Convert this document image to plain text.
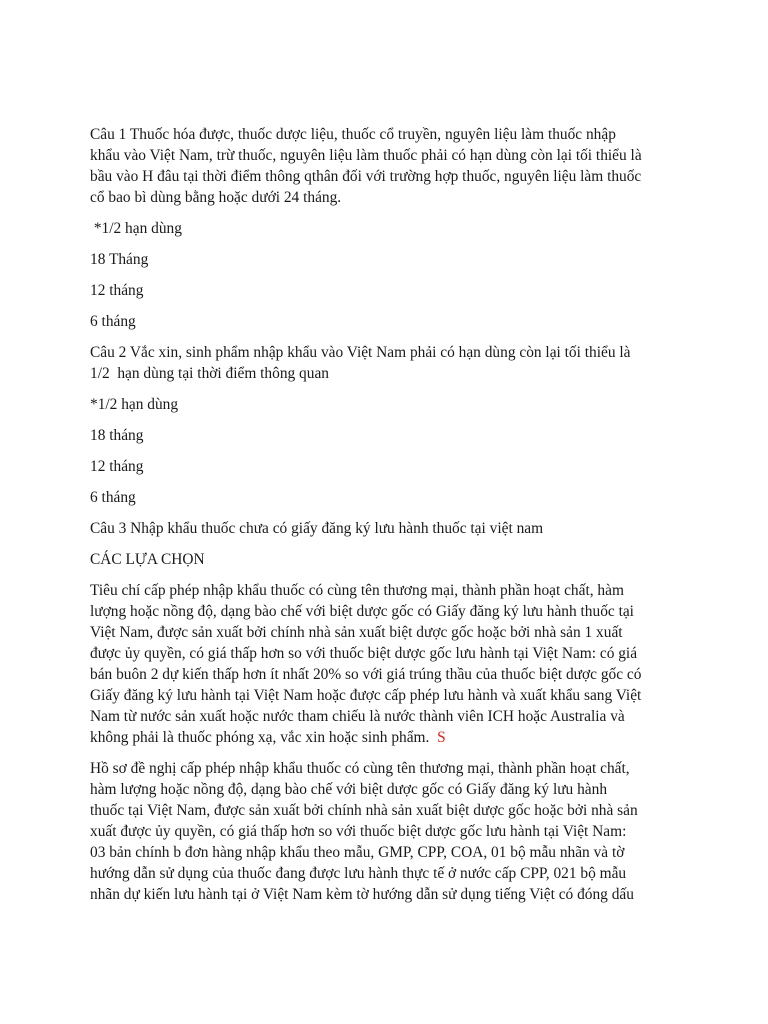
Câu 1 Thuốc hóa được, thuốc dược liệu, thuốc cổ truyền, nguyên liệu làm thuốc nhập
khẩu vào Việt Nam, trừ thuốc, nguyên liệu làm thuốc phải có hạn dùng còn lại tối thiểu là
bầu vào H đâu tại thời điểm thông qthân đối với trường hợp thuốc, nguyên liệu làm thuốc
cổ bao bì dùng bằng hoặc dưới 24 tháng.

*1/2 hạn dùng

18 Tháng

12 tháng

6 tháng

Câu 2 Vắc xin, sinh phẩm nhập khẩu vào Việt Nam phải có hạn dùng còn lại tối thiểu là
1/2  hạn dùng tại thời điểm thông quan

*1/2 hạn dùng

18 tháng

12 tháng

6 tháng

Câu 3 Nhập khẩu thuốc chưa có giấy đăng ký lưu hành thuốc tại việt nam

CÁC LỰA CHỌN

Tiêu chí cấp phép nhập khẩu thuốc có cùng tên thương mại, thành phần hoạt chất, hàm
lượng hoặc nồng độ, dạng bào chế với biệt dược gốc có Giấy đăng ký lưu hành thuốc tại
Việt Nam, được sản xuất bởi chính nhà sản xuất biệt dược gốc hoặc bởi nhà sản 1 xuất
được ủy quyền, có giá thấp hơn so với thuốc biệt dược gốc lưu hành tại Việt Nam: có giá
bán buôn 2 dự kiến thấp hơn ít nhất 20% so với giá trúng thầu của thuốc biệt dược gốc có
Giấy đăng ký lưu hành tại Việt Nam hoặc được cấp phép lưu hành và xuất khẩu sang Việt
Nam từ nước sản xuất hoặc nước tham chiếu là nước thành viên ICH hoặc Australia và
không phải là thuốc phóng xạ, vắc xin hoặc sinh phẩm.  S

Hồ sơ đề nghị cấp phép nhập khẩu thuốc có cùng tên thương mại, thành phần hoạt chất,
hàm lượng hoặc nồng độ, dạng bào chế với biệt dược gốc có Giấy đăng ký lưu hành
thuốc tại Việt Nam, được sản xuất bởi chính nhà sản xuất biệt dược gốc hoặc bởi nhà sản
xuất được ủy quyền, có giá thấp hơn so với thuốc biệt dược gốc lưu hành tại Việt Nam:
03 bản chính b đơn hàng nhập khẩu theo mẫu, GMP, CPP, COA, 01 bộ mẫu nhãn và tờ
hướng dẫn sử dụng của thuốc đang được lưu hành thực tế ở nước cấp CPP, 021 bộ mẫu
nhãn dự kiến lưu hành tại ở Việt Nam kèm tờ hướng dẫn sử dụng tiếng Việt có đóng dấu
